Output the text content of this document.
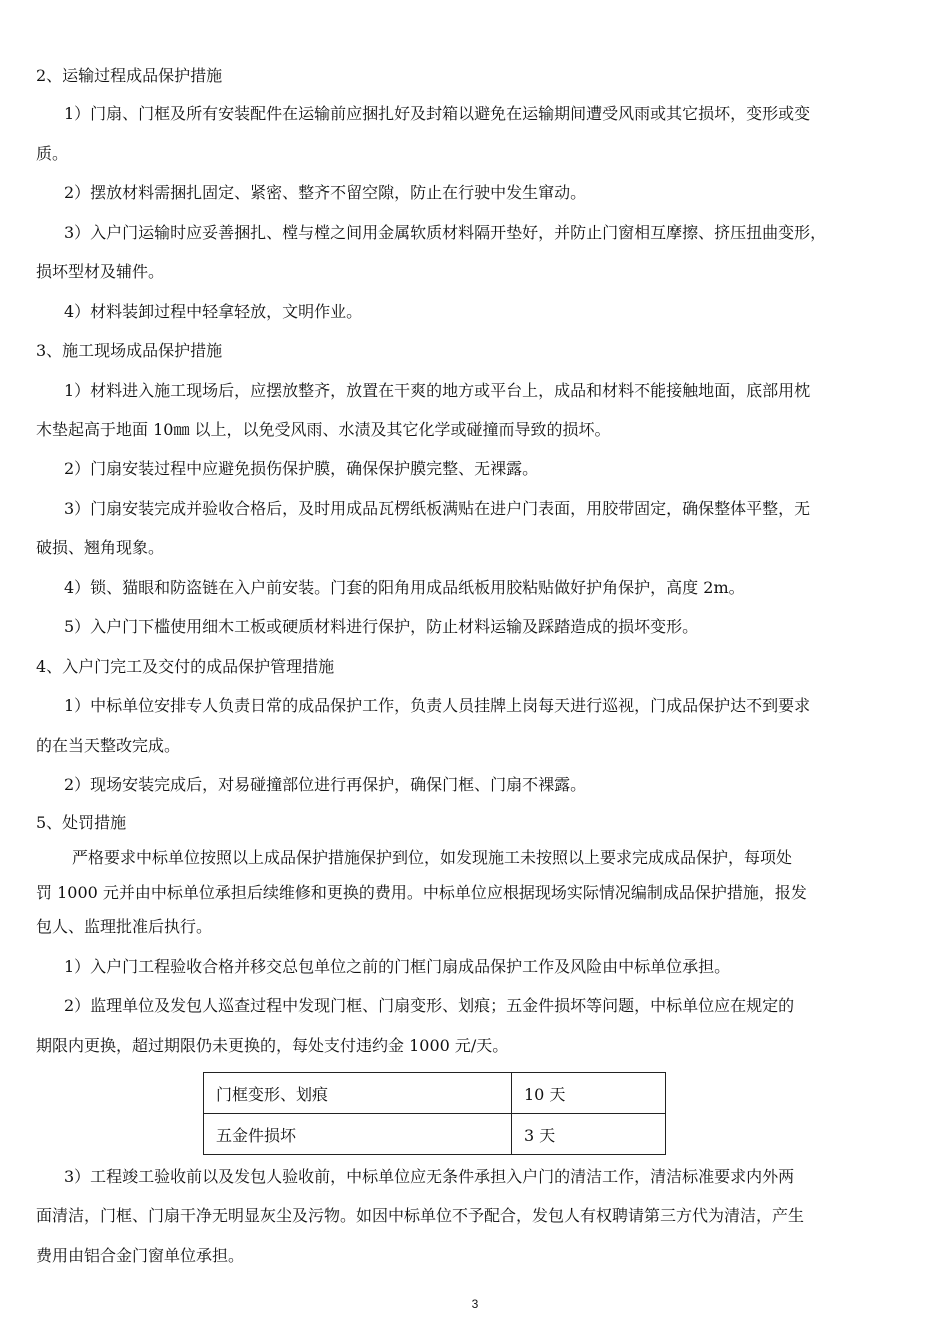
2、运输过程成品保护措施
1）门扇、门框及所有安装配件在运输前应捆扎好及封箱以避免在运输期间遭受风雨或其它损坏，变形或变
质。
2）摆放材料需捆扎固定、紧密、整齐不留空隙，防止在行驶中发生窜动。
3）入户门运输时应妥善捆扎、樘与樘之间用金属软质材料隔开垫好，并防止门窗相互摩擦、挤压扭曲变形，
损坏型材及辅件。
4）材料装卸过程中轻拿轻放，文明作业。
3、施工现场成品保护措施
1）材料进入施工现场后，应摆放整齐，放置在干爽的地方或平台上，成品和材料不能接触地面，底部用枕
木垫起高于地面 10㎜ 以上，以免受风雨、水渍及其它化学或碰撞而导致的损坏。
2）门扇安装过程中应避免损伤保护膜，确保保护膜完整、无裸露。
3）门扇安装完成并验收合格后，及时用成品瓦楞纸板满贴在进户门表面，用胶带固定，确保整体平整，无
破损、翘角现象。
4）锁、猫眼和防盗链在入户前安装。门套的阳角用成品纸板用胶粘贴做好护角保护，高度 2m。
5）入户门下槛使用细木工板或硬质材料进行保护，防止材料运输及踩踏造成的损坏变形。
4、入户门完工及交付的成品保护管理措施
1）中标单位安排专人负责日常的成品保护工作，负责人员挂牌上岗每天进行巡视，门成品保护达不到要求
的在当天整改完成。
2）现场安装完成后，对易碰撞部位进行再保护，确保门框、门扇不裸露。
5、处罚措施
严格要求中标单位按照以上成品保护措施保护到位，如发现施工未按照以上要求完成成品保护，每项处
罚 1000 元并由中标单位承担后续维修和更换的费用。中标单位应根据现场实际情况编制成品保护措施，报发
包人、监理批准后执行。
1）入户门工程验收合格并移交总包单位之前的门框门扇成品保护工作及风险由中标单位承担。
2）监理单位及发包人巡查过程中发现门框、门扇变形、划痕；五金件损坏等问题，中标单位应在规定的
期限内更换，超过期限仍未更换的，每处支付违约金 1000 元/天。
3）工程竣工验收前以及发包人验收前，中标单位应无条件承担入户门的清洁工作，清洁标准要求内外两
面清洁，门框、门扇干净无明显灰尘及污物。如因中标单位不予配合，发包人有权聘请第三方代为清洁，产生
费用由铝合金门窗单位承担。
门框变形、划痕	10 天
五金件损坏	3 天
3
